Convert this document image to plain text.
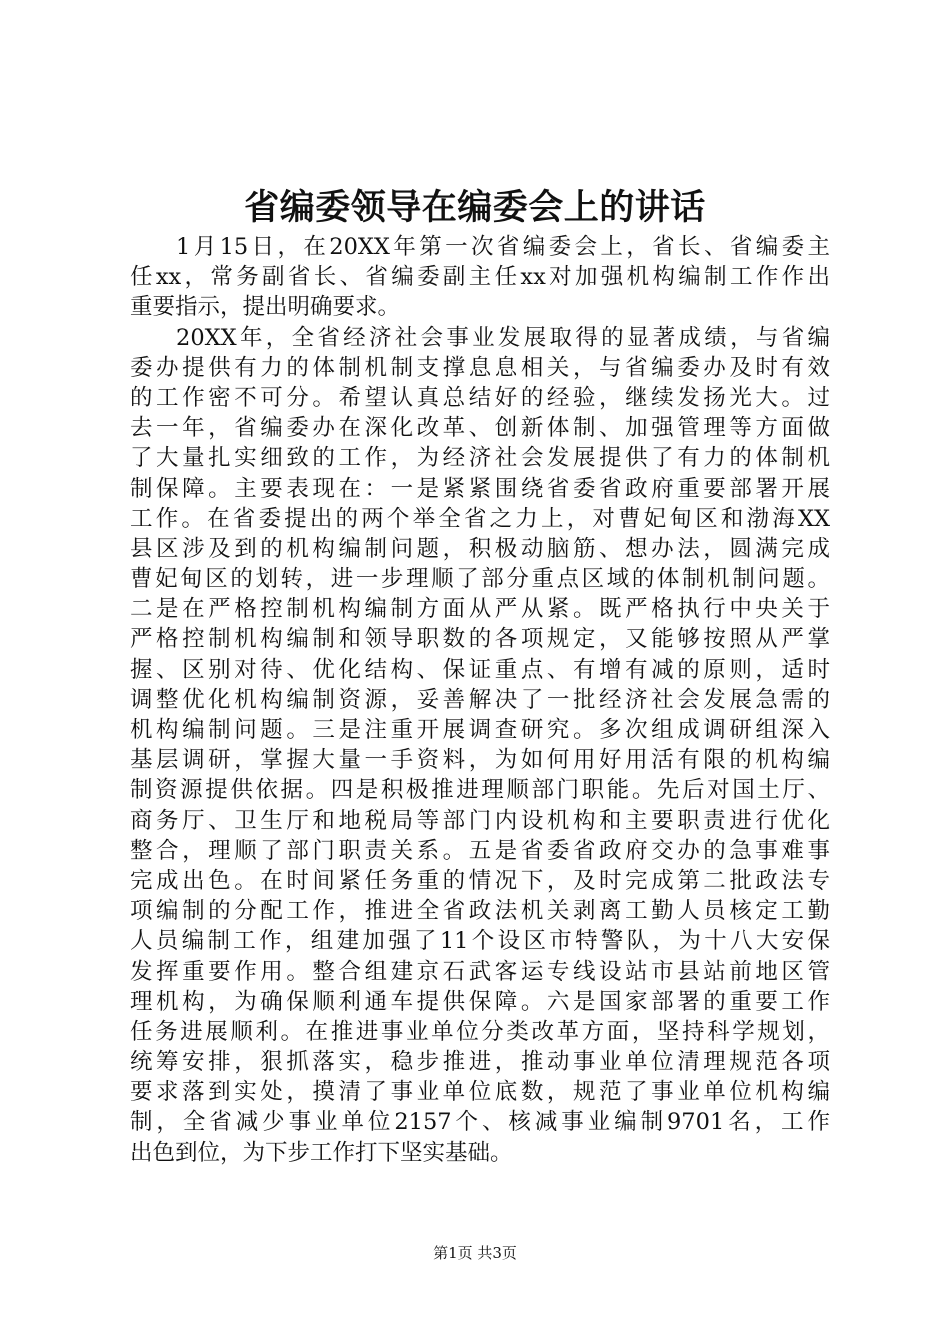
省编委领导在编委会上的讲话
1月15日，在20XX年第一次省编委会上，省长、省编委主
任xx，常务副省长、省编委副主任xx对加强机构编制工作作出
重要指示，提出明确要求。
20XX年，全省经济社会事业发展取得的显著成绩，与省编
委办提供有力的体制机制支撑息息相关，与省编委办及时有效
的工作密不可分。希望认真总结好的经验，继续发扬光大。过
去一年，省编委办在深化改革、创新体制、加强管理等方面做
了大量扎实细致的工作，为经济社会发展提供了有力的体制机
制保障。主要表现在：一是紧紧围绕省委省政府重要部署开展
工作。在省委提出的两个举全省之力上，对曹妃甸区和渤海XX
县区涉及到的机构编制问题，积极动脑筋、想办法，圆满完成
曹妃甸区的划转，进一步理顺了部分重点区域的体制机制问题。
二是在严格控制机构编制方面从严从紧。既严格执行中央关于
严格控制机构编制和领导职数的各项规定，又能够按照从严掌
握、区别对待、优化结构、保证重点、有增有减的原则，适时
调整优化机构编制资源，妥善解决了一批经济社会发展急需的
机构编制问题。三是注重开展调查研究。多次组成调研组深入
基层调研，掌握大量一手资料，为如何用好用活有限的机构编
制资源提供依据。四是积极推进理顺部门职能。先后对国土厅、
商务厅、卫生厅和地税局等部门内设机构和主要职责进行优化
整合，理顺了部门职责关系。五是省委省政府交办的急事难事
完成出色。在时间紧任务重的情况下，及时完成第二批政法专
项编制的分配工作，推进全省政法机关剥离工勤人员核定工勤
人员编制工作，组建加强了11个设区市特警队，为十八大安保
发挥重要作用。整合组建京石武客运专线设站市县站前地区管
理机构，为确保顺利通车提供保障。六是国家部署的重要工作
任务进展顺利。在推进事业单位分类改革方面，坚持科学规划，
统筹安排，狠抓落实，稳步推进，推动事业单位清理规范各项
要求落到实处，摸清了事业单位底数，规范了事业单位机构编
制，全省减少事业单位2157个、核减事业编制9701名，工作
出色到位，为下步工作打下坚实基础。
第1页 共3页
